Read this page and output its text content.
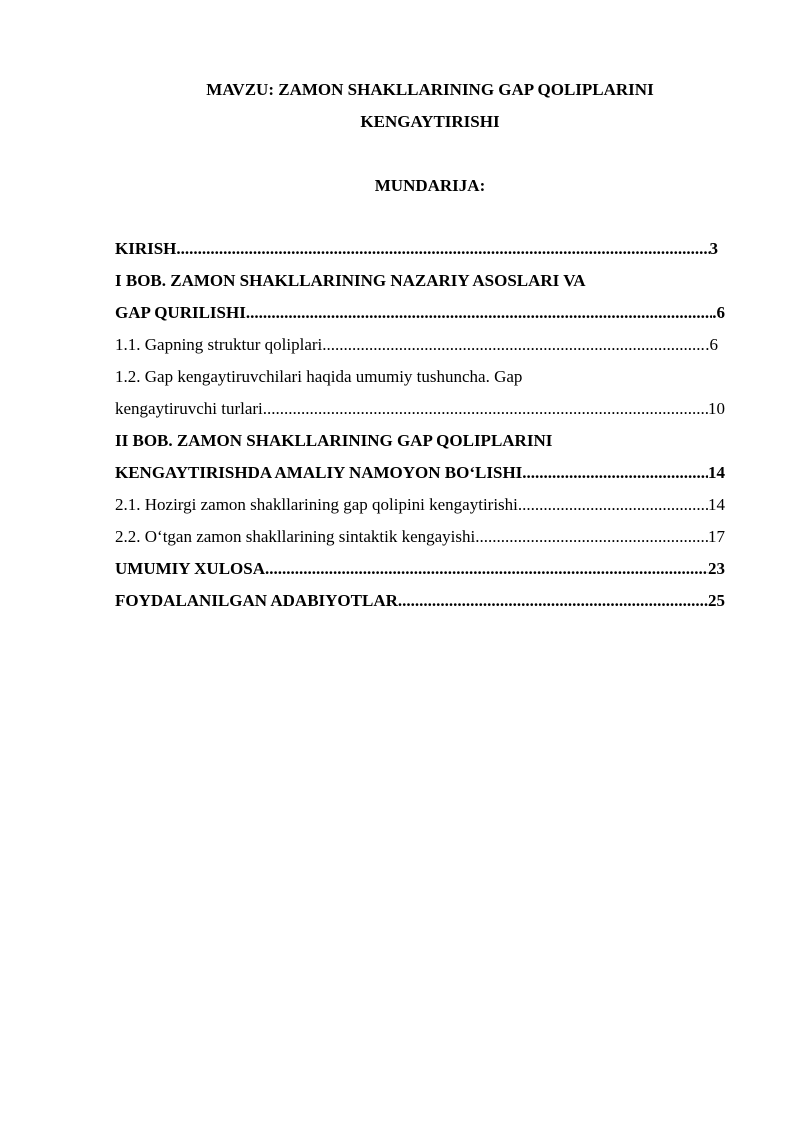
MAVZU: ZAMON SHAKLLARINING GAP QOLIPLARINI
KENGAYTIRISHI
MUNDARIJA:
KIRISH .....	3
I BOB. ZAMON SHAKLLARINING NAZARIY ASOSLARI VA
GAP QURILISHI .....	.6
1.1. Gapning struktur qoliplari .....	.6
1.2. Gap kengaytiruvchilari haqida umumiy tushuncha. Gap
kengaytiruvchi turlari .....	10
II BOB. ZAMON SHAKLLARINING GAP QOLIPLARINI
KENGAYTIRISHDA AMALIY NAMOYON BO‘LISHI .....	14
2.1. Hozirgi zamon shakllarining gap qolipini kengaytirishi .....	14
2.2. O‘tgan zamon shakllarining sintaktik kengayishi .....	17
UMUMIY XULOSA .....	23
FOYDALANILGAN ADABIYOTLAR .....	25
